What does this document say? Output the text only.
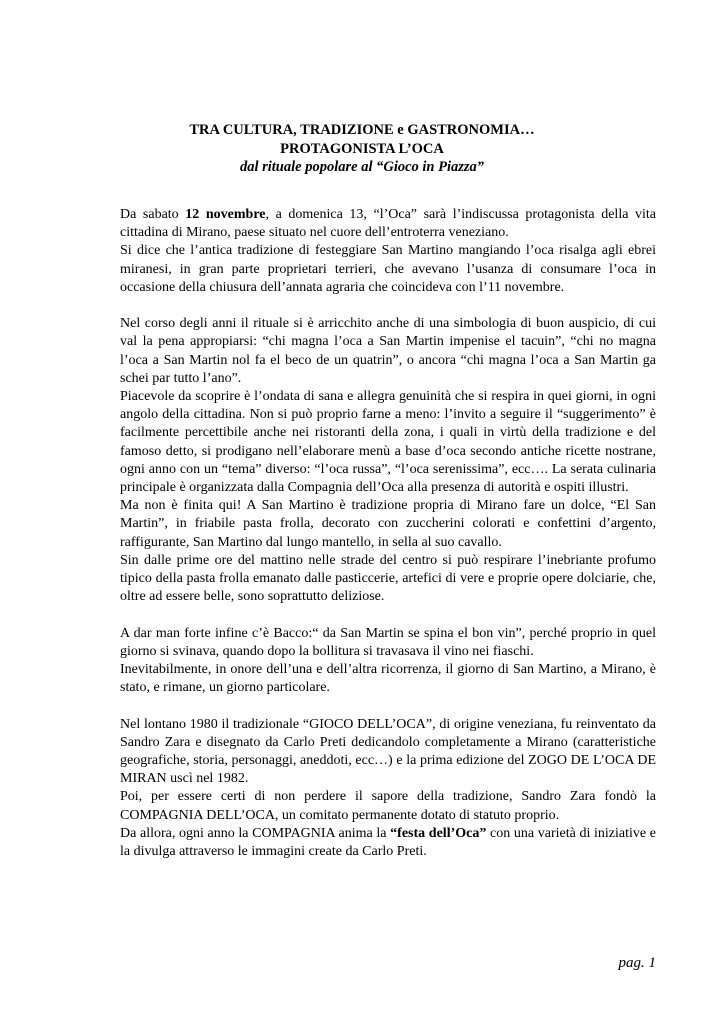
TRA CULTURA, TRADIZIONE e GASTRONOMIA…
PROTAGONISTA L’OCA
dal rituale popolare al “Gioco in Piazza”

Da sabato 12 novembre, a domenica 13, “l’Oca” sarà l’indiscussa protagonista della vita cittadina di Mirano, paese situato nel cuore dell’entroterra veneziano.

Si dice che l’antica tradizione di festeggiare San Martino mangiando l’oca risalga agli ebrei miranesi, in gran parte proprietari terrieri, che avevano l’usanza di consumare l’oca in occasione della chiusura dell’annata agraria che coincideva con l’11 novembre.

Nel corso degli anni il rituale si è arricchito anche di una simbologia di buon auspicio, di cui val la pena appropiarsi: “chi magna l’oca a San Martin impenise el tacuin”, “chi no magna l’oca a San Martin nol fa el beco de un quatrin”, o ancora “chi magna l’oca a San Martin ga schei par tutto l’ano”.

Piacevole da scoprire è l’ondata di sana e allegra genuinità che si respira in quei giorni, in ogni angolo della cittadina. Non si può proprio farne a meno: l’invito a seguire il “suggerimento” è facilmente percettibile anche nei ristoranti della zona, i quali in virtù della tradizione e del famoso detto, si prodigano nell’elaborare menù a base d’oca secondo antiche ricette nostrane, ogni anno con un “tema” diverso: “l’oca russa”, “l’oca serenissima”, ecc…. La serata culinaria principale è organizzata dalla Compagnia dell’Oca alla presenza di autorità e ospiti illustri.

Ma non è finita qui! A San Martino è tradizione propria di Mirano fare un dolce, “El San Martin”, in friabile pasta frolla, decorato con zuccherini colorati e confettini d’argento, raffigurante, San Martino dal lungo mantello, in sella al suo cavallo.

Sin dalle prime ore del mattino nelle strade del centro si può respirare l’inebriante profumo tipico della pasta frolla emanato dalle pasticcerie, artefici di vere e proprie opere dolciarie, che, oltre ad essere belle, sono soprattutto deliziose.

A dar man forte infine c’è Bacco:“ da San Martin se spina el bon vin”, perché proprio in quel giorno si svinava, quando dopo la bollitura si travasava il vino nei fiaschi.

Inevitabilmente, in onore dell’una e dell’altra ricorrenza, il giorno di San Martino, a Mirano, è stato, e rimane, un giorno particolare.

Nel lontano 1980 il tradizionale “GIOCO DELL’OCA”, di origine veneziana, fu reinventato da Sandro Zara e disegnato da Carlo Preti dedicandolo completamente a Mirano (caratteristiche geografiche, storia, personaggi, aneddoti, ecc…) e la prima edizione del ZOGO DE L’OCA DE MIRAN uscì nel 1982.

Poi, per essere certi di non perdere il sapore della tradizione, Sandro Zara fondò la COMPAGNIA DELL’OCA, un comitato permanente dotato di statuto proprio.

Da allora, ogni anno la COMPAGNIA anima la “festa dell’Oca” con una varietà di iniziative e la divulga attraverso le immagini create da Carlo Preti.

pag. 1
